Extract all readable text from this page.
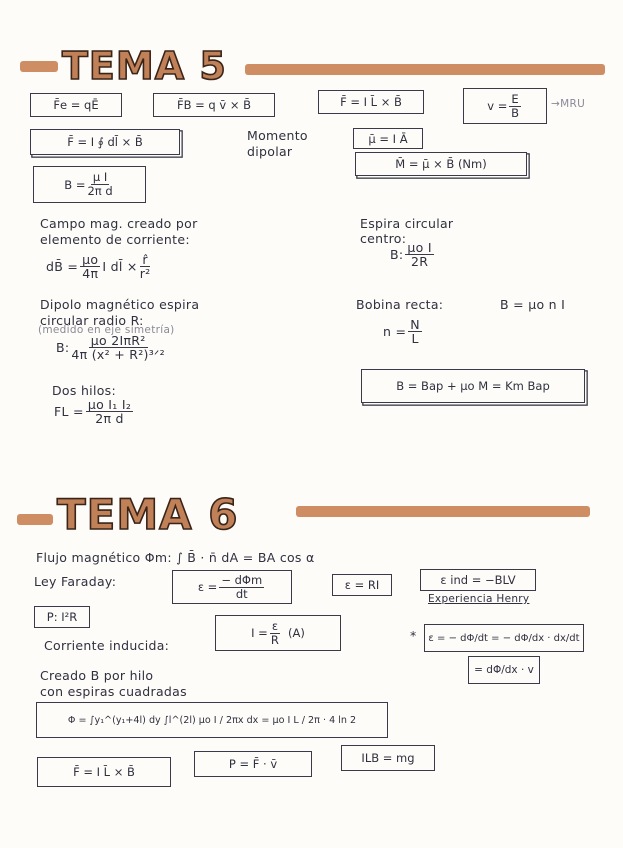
TEMA 5
F̄e = qĒ	F̄B = q v̄ × B̄	F̄ = I L̄ × B̄	$v = \frac{E}{B}$	→MRU
F̄ = I ∮ dl̄ × B̄	Momento
dipolar
μ̄ = I Ā
M̄ = μ̄ × B̄ (Nm)
$B = \frac{\text{μ I}}{\text{2π d}}$
Campo mag. creado por
elemento de corriente:
dB̄ = $\frac{\mu o}{4\pi}$ I dl̄ × $\frac{r̂}{\text{r²}}$
Espira circular
centro:
B: $\frac{\text{μo I}}{2R}$
Dipolo magnético espira
circular radio R:
(medido en eje simetría)
B: $\frac{\text{μo 2IπR²}}{\text{4π (x² + R²)³ᐟ²}}$
Bobina recta:	B = μo n I
$n = \frac{N}{L}$
Dos hilos:
FL = $\frac{\text{μo I₁ I₂}}{\text{2π d}}$
B = Bap + μo M = Km Bap
TEMA 6
Flujo magnético Φm: ∫ B̄ · n̄ dA = BA cos α
Ley Faraday:	$\varepsilon = \frac{\text{− dΦm}}{dt}$	ε = RI	ε ind = −BLV
Experiencia Henry
P: I²R
Corriente inducida:
$I = \frac{\varepsilon}{R} (A)$	*	ε = − dΦ/dt = − dΦ/dx · dx/dt
= dΦ/dx · v
Creado B por hilo
con espiras cuadradas
Φ = ∫y₁^(y₁+4l) dy ∫l^(2l) μo I / 2πx dx = μo I L / 2π · 4 ln 2
F̄ = I L̄ × B̄
P = F̄ · v̄	ILB = mg
